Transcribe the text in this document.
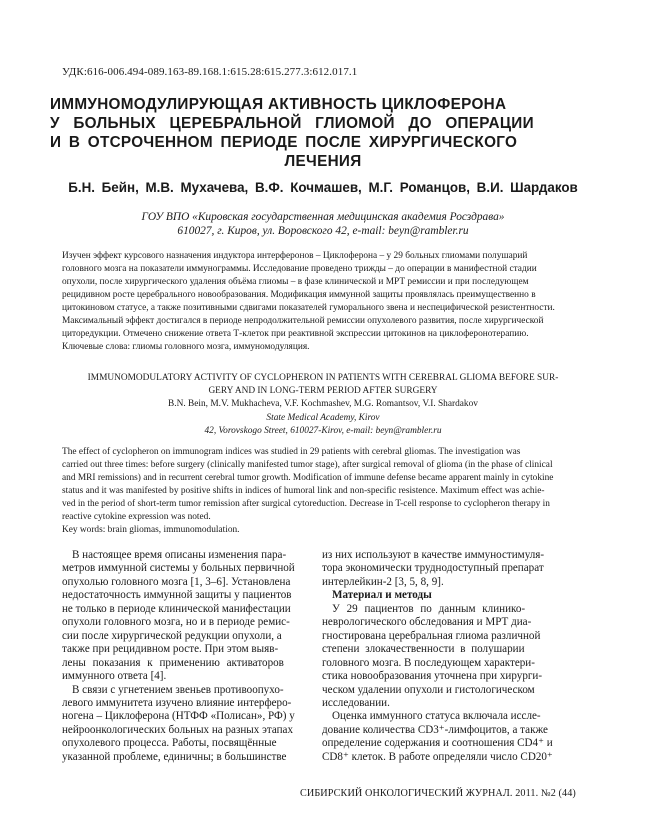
УДК:616-006.494-089.163-89.168.1:615.28:615.277.3:612.017.1
ИММУНОМОДУЛИРУЮЩАЯ АКТИВНОСТЬ ЦИКЛОФЕРОНА
У БОЛЬНЫХ ЦЕРЕБРАЛЬНОЙ ГЛИОМОЙ ДО ОПЕРАЦИИ
И В ОТСРОЧЕННОМ ПЕРИОДЕ ПОСЛЕ ХИРУРГИЧЕСКОГО
ЛЕЧЕНИЯ
Б.Н. Бейн, М.В. Мухачева, В.Ф. Кочмашев, М.Г. Романцов, В.И. Шардаков
ГОУ ВПО «Кировская государственная медицинская академия Росздрава»
610027, г. Киров, ул. Воровского 42, e-mail: beyn@rambler.ru
Изучен эффект курсового назначения индуктора интерферонов – Циклоферона – у 29 больных глиомами полушарий
головного мозга на показатели иммунограммы. Исследование проведено трижды – до операции в манифестной стадии
опухоли, после хирургического удаления объёма глиомы – в фазе клинической и МРТ ремиссии и при последующем
рецидивном росте церебрального новообразования. Модификация иммунной защиты проявлялась преимущественно в
цитокиновом статусе, а также позитивными сдвигами показателей гуморального звена и неспецифической резистентности.
Максимальный эффект достигался в периоде непродолжительной ремиссии опухолевого развития, после хирургической
циторедукции. Отмечено снижение ответа Т-клеток при реактивной экспрессии цитокинов на циклоферонотерапию.
Ключевые слова: глиомы головного мозга, иммуномодуляция.
IMMUNOMODULATORY ACTIVITY OF CYCLOPHERON IN PATIENTS WITH CEREBRAL GLIOMA BEFORE SUR-
GERY AND IN LONG-TERM PERIOD AFTER SURGERY
B.N. Bein, M.V. Mukhacheva, V.F. Kochmashev, M.G. Romantsov, V.I. Shardakov
State Medical Academy, Kirov
42, Vorovskogo Street, 610027-Kirov, e-mail: beyn@rambler.ru
The effect of cyclopheron on immunogram indices was studied in 29 patients with cerebral gliomas. The investigation was
carried out three times: before surgery (clinically manifested tumor stage), after surgical removal of glioma (in the phase of clinical
and MRI remissions) and in recurrent cerebral tumor growth. Modification of immune defense became apparent mainly in cytokine
status and it was manifested by positive shifts in indices of humoral link and non-specific resistence. Maximum effect was achie-
ved in the period of short-term tumor remission after surgical cytoreduction. Decrease in T-cell response to cyclopheron therapy in
reactive cytokine expression was noted.
Key words: brain gliomas, immunomodulation.
В настоящее время описаны изменения пара-
метров иммунной системы у больных первичной
опухолью головного мозга [1, 3–6]. Установлена
недостаточность иммунной защиты у пациентов
не только в периоде клинической манифестации
опухоли головного мозга, но и в периоде ремис-
сии после хирургической редукции опухоли, а
также при рецидивном росте. При этом выяв-
лены показания к применению активаторов
иммунного ответа [4].
В связи с угнетением звеньев противоопухо-
левого иммунитета изучено влияние интерферо-
ногена – Циклоферона (НТФФ «Полисан», РФ) у
нейроонкологических больных на разных этапах
опухолевого процесса. Работы, посвящённые
указанной проблеме, единичны; в большинстве
из них используют в качестве иммуностимуля-
тора экономически труднодоступный препарат
интерлейкин-2 [3, 5, 8, 9].
Материал и методы
У 29 пациентов по данным клинико-
неврологического обследования и МРТ диа-
гностирована церебральная глиома различной
степени злокачественности в полушарии
головного мозга. В последующем характери-
стика новообразования уточнена при хирурги-
ческом удалении опухоли и гистологическом
исследовании.
Оценка иммунного статуса включала иссле-
дование количества CD3⁺-лимфоцитов, а также
определение содержания и соотношения CD4⁺ и
CD8⁺ клеток. В работе определяли число CD20⁺
СИБИРСКИЙ ОНКОЛОГИЧЕСКИЙ ЖУРНАЛ. 2011. №2 (44)
